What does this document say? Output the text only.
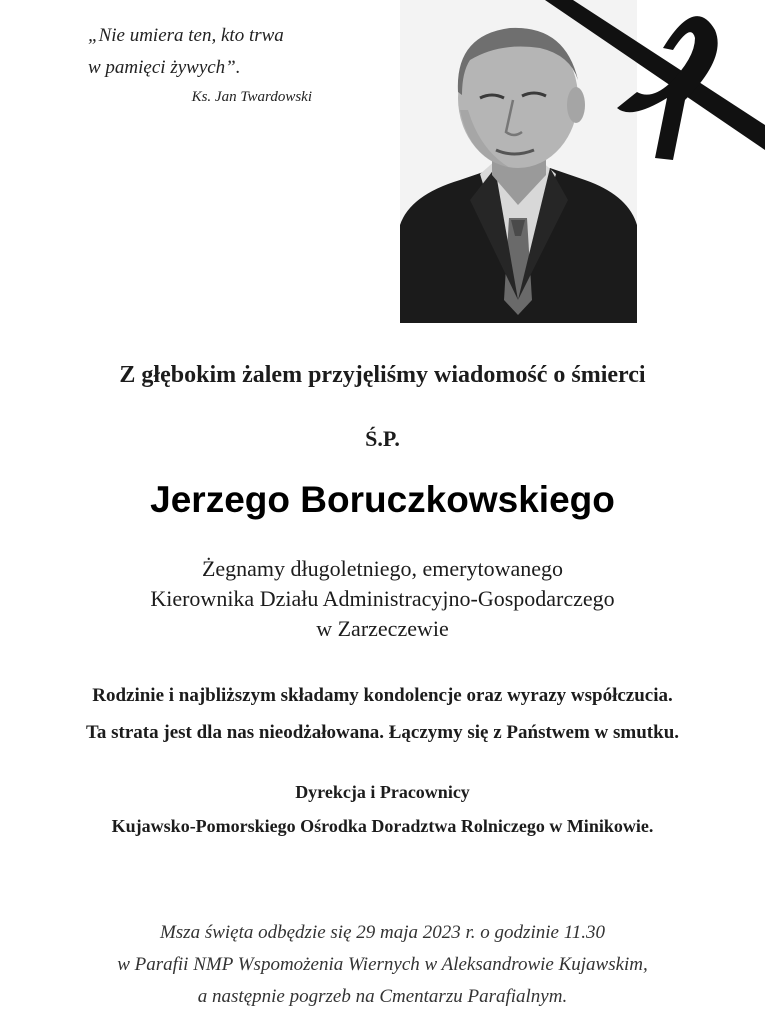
„Nie umiera ten, kto trwa
w pamięci żywych”.
Ks. Jan Twardowski
Z głębokim żalem przyjęliśmy wiadomość o śmierci
Ś.P.
Jerzego Boruczkowskiego
Żegnamy długoletniego, emerytowanego
Kierownika Działu Administracyjno-Gospodarczego
w Zarzeczewie
Rodzinie i najbliższym składamy kondolencje oraz wyrazy współczucia.
Ta strata jest dla nas nieodżałowana. Łączymy się z Państwem w smutku.
Dyrekcja i Pracownicy
Kujawsko-Pomorskiego Ośrodka Doradztwa Rolniczego w Minikowie.
Msza święta odbędzie się 29 maja 2023 r. o godzinie 11.30
w Parafii NMP Wspomożenia Wiernych w Aleksandrowie Kujawskim,
a następnie pogrzeb na Cmentarzu Parafialnym.
